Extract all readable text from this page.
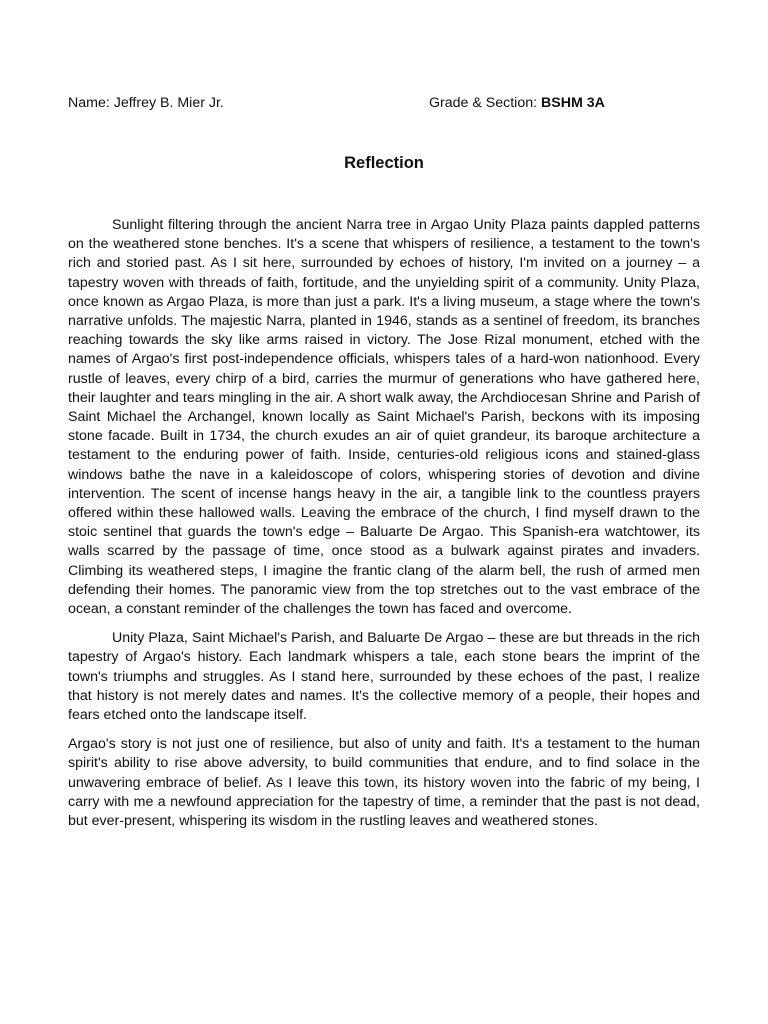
Name: Jeffrey B. Mier Jr.	Grade & Section: BSHM 3A
Reflection

Sunlight filtering through the ancient Narra tree in Argao Unity Plaza paints dappled patterns on the weathered stone benches. It's a scene that whispers of resilience, a testament to the town's rich and storied past. As I sit here, surrounded by echoes of history, I'm invited on a journey – a tapestry woven with threads of faith, fortitude, and the unyielding spirit of a community. Unity Plaza, once known as Argao Plaza, is more than just a park. It's a living museum, a stage where the town's narrative unfolds. The majestic Narra, planted in 1946, stands as a sentinel of freedom, its branches reaching towards the sky like arms raised in victory. The Jose Rizal monument, etched with the names of Argao's first post-independence officials, whispers tales of a hard-won nationhood. Every rustle of leaves, every chirp of a bird, carries the murmur of generations who have gathered here, their laughter and tears mingling in the air. A short walk away, the Archdiocesan Shrine and Parish of Saint Michael the Archangel, known locally as Saint Michael's Parish, beckons with its imposing stone facade. Built in 1734, the church exudes an air of quiet grandeur, its baroque architecture a testament to the enduring power of faith. Inside, centuries-old religious icons and stained-glass windows bathe the nave in a kaleidoscope of colors, whispering stories of devotion and divine intervention. The scent of incense hangs heavy in the air, a tangible link to the countless prayers offered within these hallowed walls. Leaving the embrace of the church, I find myself drawn to the stoic sentinel that guards the town's edge – Baluarte De Argao. This Spanish-era watchtower, its walls scarred by the passage of time, once stood as a bulwark against pirates and invaders. Climbing its weathered steps, I imagine the frantic clang of the alarm bell, the rush of armed men defending their homes. The panoramic view from the top stretches out to the vast embrace of the ocean, a constant reminder of the challenges the town has faced and overcome.

Unity Plaza, Saint Michael's Parish, and Baluarte De Argao – these are but threads in the rich tapestry of Argao's history. Each landmark whispers a tale, each stone bears the imprint of the town's triumphs and struggles. As I stand here, surrounded by these echoes of the past, I realize that history is not merely dates and names. It's the collective memory of a people, their hopes and fears etched onto the landscape itself.

Argao's story is not just one of resilience, but also of unity and faith. It's a testament to the human spirit's ability to rise above adversity, to build communities that endure, and to find solace in the unwavering embrace of belief. As I leave this town, its history woven into the fabric of my being, I carry with me a newfound appreciation for the tapestry of time, a reminder that the past is not dead, but ever-present, whispering its wisdom in the rustling leaves and weathered stones.
